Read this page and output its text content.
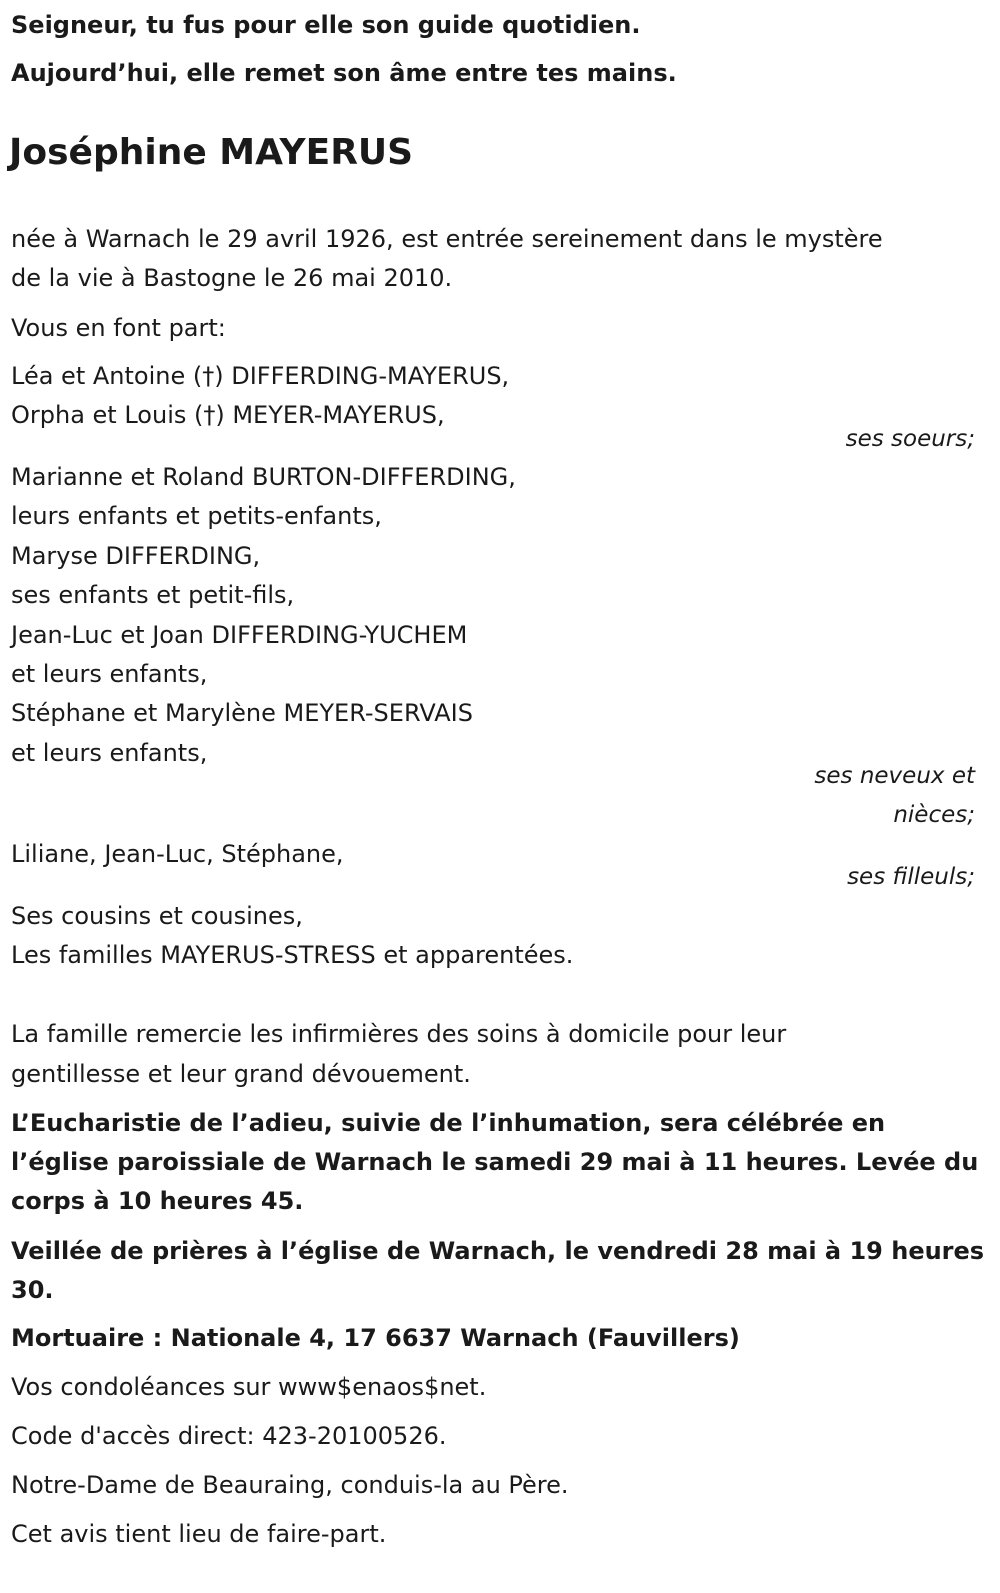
Seigneur, tu fus pour elle son guide quotidien.
Aujourd’hui, elle remet son âme entre tes mains.
Joséphine MAYERUS
née à Warnach le 29 avril 1926, est entrée sereinement dans le mystère
de la vie à Bastogne le 26 mai 2010.
Vous en font part:
Léa et Antoine (†) DIFFERDING-MAYERUS,
Orpha et Louis (†) MEYER-MAYERUS,
ses soeurs;
Marianne et Roland BURTON-DIFFERDING,
leurs enfants et petits-enfants,
Maryse DIFFERDING,
ses enfants et petit-fils,
Jean-Luc et Joan DIFFERDING-YUCHEM
et leurs enfants,
Stéphane et Marylène MEYER-SERVAIS
et leurs enfants,
ses neveux et
nièces;
Liliane, Jean-Luc, Stéphane,
ses filleuls;
Ses cousins et cousines,
Les familles MAYERUS-STRESS et apparentées.
La famille remercie les infirmières des soins à domicile pour leur
gentillesse et leur grand dévouement.
L’Eucharistie de l’adieu, suivie de l’inhumation, sera célébrée en
l’église paroissiale de Warnach le samedi 29 mai à 11 heures. Levée du
corps à 10 heures 45.
Veillée de prières à l’église de Warnach, le vendredi 28 mai à 19 heures
30.
Mortuaire : Nationale 4, 17 6637 Warnach (Fauvillers)
Vos condoléances sur www$enaos$net.
Code d'accès direct: 423-20100526.
Notre-Dame de Beauraing, conduis-la au Père.
Cet avis tient lieu de faire-part.
